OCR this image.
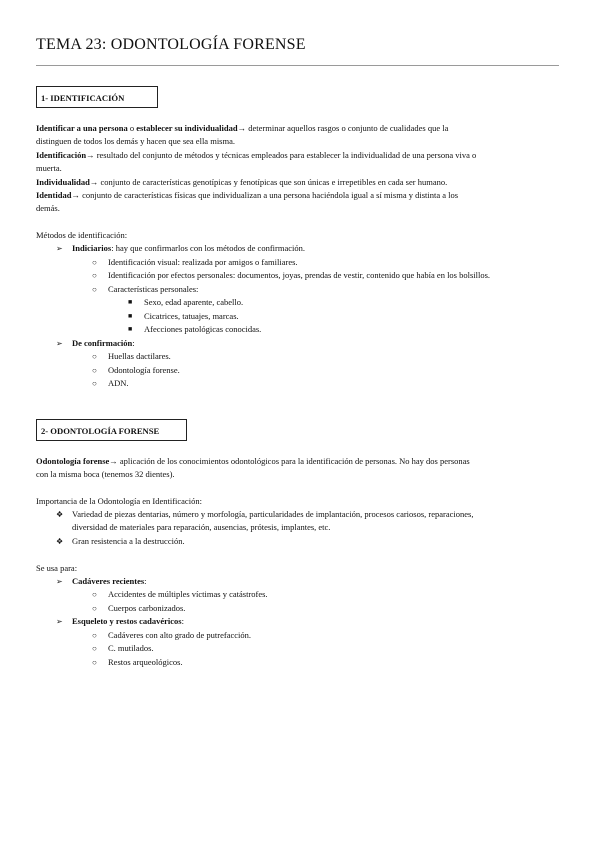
TEMA 23: ODONTOLOGÍA FORENSE
1- IDENTIFICACIÓN
Identificar a una persona o establecer su individualidad→ determinar aquellos rasgos o conjunto de cualidades que la
distinguen de todos los demás y hacen que sea ella misma.
Identificación→ resultado del conjunto de métodos y técnicas empleados para establecer la individualidad de una persona viva o
muerta.
Individualidad→ conjunto de características genotípicas y fenotípicas que son únicas e irrepetibles en cada ser humano.
Identidad→ conjunto de características físicas que individualizan a una persona haciéndola igual a sí misma y distinta a los
demás.
Métodos de identificación:
➢ Indiciarios: hay que confirmarlos con los métodos de confirmación.
○ Identificación visual: realizada por amigos o familiares.
○ Identificación por efectos personales: documentos, joyas, prendas de vestir, contenido que había en los bolsillos.
○ Características personales:
■ Sexo, edad aparente, cabello.
■ Cicatrices, tatuajes, marcas.
■ Afecciones patológicas conocidas.
➢ De confirmación:
○ Huellas dactilares.
○ Odontología forense.
○ ADN.
2- ODONTOLOGÍA FORENSE
Odontología forense→ aplicación de los conocimientos odontológicos para la identificación de personas. No hay dos personas
con la misma boca (tenemos 32 dientes).
Importancia de la Odontología en Identificación:
❖ Variedad de piezas dentarias, número y morfología, particularidades de implantación, procesos cariosos, reparaciones,
diversidad de materiales para reparación, ausencias, prótesis, implantes, etc.
❖ Gran resistencia a la destrucción.
Se usa para:
➢ Cadáveres recientes:
○ Accidentes de múltiples víctimas y catástrofes.
○ Cuerpos carbonizados.
➢ Esqueleto y restos cadavéricos:
○ Cadáveres con alto grado de putrefacción.
○ C. mutilados.
○ Restos arqueológicos.
